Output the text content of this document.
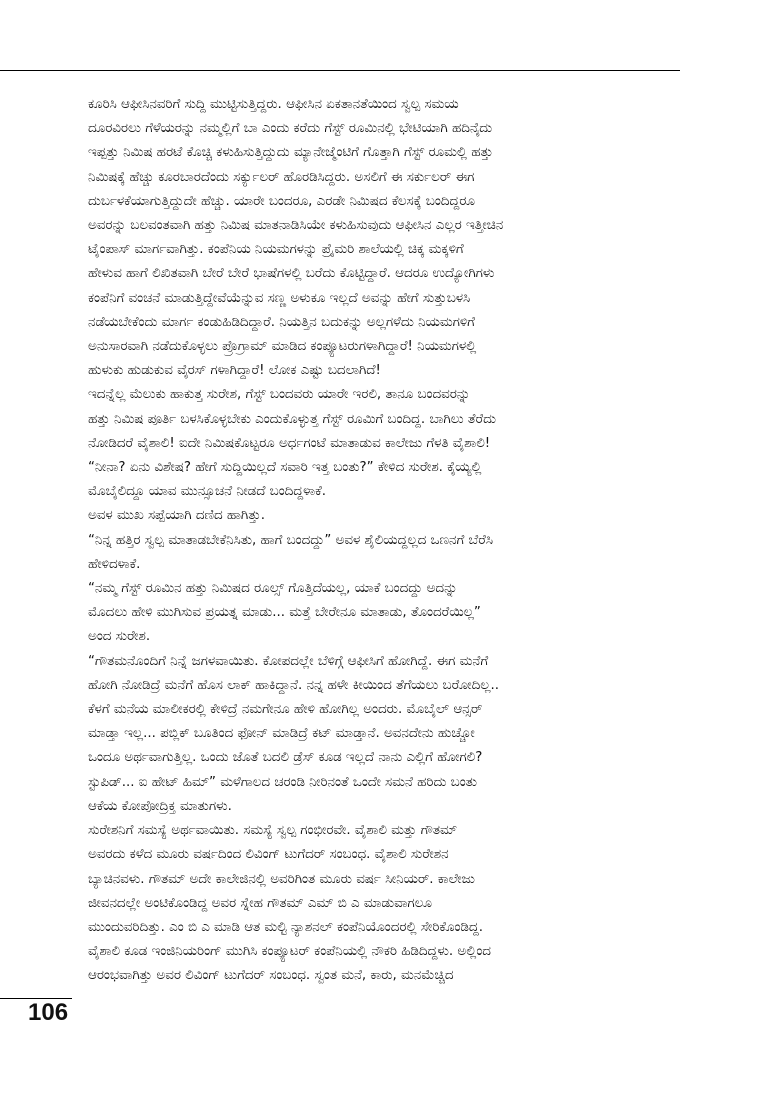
ಕೂರಿಸಿ ಆಫೀಸಿನವರಿಗೆ ಸುದ್ದಿ ಮುಟ್ಟಿಸುತ್ತಿದ್ದರು. ಆಫೀಸಿನ ಏಕತಾನತೆಯಿಂದ ಸ್ವಲ್ಪ ಸಮಯ

ದೂರವಿರಲು ಗೆಳೆಯರನ್ನು ನಮ್ಮಲ್ಲಿಗೆ ಬಾ ಎಂದು ಕರೆದು ಗೆಸ್ಟ್ ರೂಮಿನಲ್ಲಿ ಭೇಟಿಯಾಗಿ ಹದಿನೈದು

ಇಪ್ಪತ್ತು ನಿಮಿಷ ಹರಟೆ ಕೊಚ್ಚಿ ಕಳುಹಿಸುತ್ತಿದ್ದುದು ಮ್ಯಾನೇಜ್ಮೆಂಟಿಗೆ ಗೊತ್ತಾಗಿ ಗೆಸ್ಟ್ ರೂಮಲ್ಲಿ ಹತ್ತು

ನಿಮಿಷಕ್ಕೆ ಹೆಚ್ಚು ಕೂರಬಾರದೆಂದು ಸರ್ಕ್ಯುಲರ್ ಹೊರಡಿಸಿದ್ದರು. ಅಸಲಿಗೆ ಈ ಸರ್ಕುಲರ್ ಈಗ

ದುರ್ಬಳಕೆಯಾಗುತ್ತಿದ್ದುದೇ ಹೆಚ್ಚು. ಯಾರೇ ಬಂದರೂ, ಎರಡೇ ನಿಮಿಷದ ಕೆಲಸಕ್ಕೆ ಬಂದಿದ್ದರೂ

ಅವರನ್ನು ಬಲವಂತವಾಗಿ ಹತ್ತು ನಿಮಿಷ ಮಾತನಾಡಿಸಿಯೇ ಕಳುಹಿಸುವುದು ಆಫೀಸಿನ ಎಲ್ಲರ ಇತ್ತೀಚಿನ

ಟೈಂಪಾಸ್ ಮಾರ್ಗವಾಗಿತ್ತು. ಕಂಪೆನಿಯ ನಿಯಮಗಳನ್ನು ಪ್ರೈಮರಿ ಶಾಲೆಯಲ್ಲಿ ಚಿಕ್ಕ ಮಕ್ಕಳಿಗೆ

ಹೇಳುವ ಹಾಗೆ ಲಿಖಿತವಾಗಿ ಬೇರೆ ಬೇರೆ ಭಾಷೆಗಳಲ್ಲಿ ಬರೆದು ಕೊಟ್ಟಿದ್ದಾರೆ. ಆದರೂ ಉದ್ಯೋಗಿಗಳು

ಕಂಪೆನಿಗೆ ವಂಚನೆ ಮಾಡುತ್ತಿದ್ದೇವೆಯೆನ್ನುವ ಸಣ್ಣ ಅಳುಕೂ ಇಲ್ಲದೆ ಅವನ್ನು ಹೇಗೆ ಸುತ್ತುಬಳಸಿ

ನಡೆಯಬೇಕೆಂದು ಮಾರ್ಗ ಕಂಡುಹಿಡಿದಿದ್ದಾರೆ. ನಿಯತ್ತಿನ ಬದುಕನ್ನು ಅಲ್ಲಗಳೆದು ನಿಯಮಗಳಿಗೆ

ಅನುಸಾರವಾಗಿ ನಡೆದುಕೊಳ್ಳಲು ಪ್ರೊಗ್ರಾಮ್ ಮಾಡಿದ ಕಂಪ್ಯೂಟರುಗಳಾಗಿದ್ದಾರೆ! ನಿಯಮಗಳಲ್ಲಿ

ಹುಳುಕು ಹುಡುಕುವ ವೈರಸ್ ಗಳಾಗಿದ್ದಾರೆ! ಲೋಕ ಎಷ್ಟು ಬದಲಾಗಿದೆ!

ಇದನ್ನೆಲ್ಲ ಮೆಲುಕು ಹಾಕುತ್ತ ಸುರೇಶ, ಗೆಸ್ಟ್ ಬಂದವರು ಯಾರೇ ಇರಲಿ, ತಾನೂ ಬಂದವರನ್ನು

ಹತ್ತು ನಿಮಿಷ ಪೂರ್ತಿ ಬಳಸಿಕೊಳ್ಳಬೇಕು ಎಂದುಕೊಳ್ಳುತ್ತ ಗೆಸ್ಟ್ ರೂಮಿಗೆ ಬಂದಿದ್ದ. ಬಾಗಿಲು ತೆರೆದು

ನೋಡಿದರೆ ವೈಶಾಲಿ! ಐದೇ ನಿಮಿಷಕೊಟ್ಟರೂ ಅರ್ಧಗಂಟೆ ಮಾತಾಡುವ ಕಾಲೇಜು ಗೆಳತಿ ವೈಶಾಲಿ!

“ನೀನಾ? ಏನು ವಿಶೇಷ? ಹೇಗೆ ಸುದ್ದಿಯಿಲ್ಲದೆ ಸವಾರಿ ಇತ್ತ ಬಂತು?” ಕೇಳಿದ ಸುರೇಶ. ಕೈಯ್ಯಲ್ಲಿ

ಮೊಬೈಲಿದ್ದೂ ಯಾವ ಮುನ್ಸೂಚನೆ ನೀಡದೆ ಬಂದಿದ್ದಳಾಕೆ.

ಅವಳ ಮುಖ ಸಪ್ಪೆಯಾಗಿ ದಣಿದ ಹಾಗಿತ್ತು.

“ನಿನ್ನ ಹತ್ತಿರ ಸ್ವಲ್ಪ ಮಾತಾಡಬೇಕೆನಿಸಿತು, ಹಾಗೆ ಬಂದದ್ದು” ಅವಳ ಶೈಲಿಯದ್ದಲ್ಲದ ಒಣನಗೆ ಬೆರೆಸಿ

ಹೇಳಿದಳಾಕೆ.

“ನಮ್ಮ ಗೆಸ್ಟ್ ರೂಮಿನ ಹತ್ತು ನಿಮಿಷದ ರೂಲ್ಸ್ ಗೊತ್ತಿದೆಯಲ್ಲ, ಯಾಕೆ ಬಂದದ್ದು ಅದನ್ನು

ಮೊದಲು ಹೇಳಿ ಮುಗಿಸುವ ಪ್ರಯತ್ನ ಮಾಡು... ಮತ್ತೆ ಬೇರೇನೂ ಮಾತಾಡು, ತೊಂದರೆಯಿಲ್ಲ”

ಅಂದ ಸುರೇಶ.

“ಗೌತಮನೊಂದಿಗೆ ನಿನ್ನೆ ಜಗಳವಾಯಿತು. ಕೋಪದಲ್ಲೇ ಬೆಳಿಗ್ಗೆ ಆಫೀಸಿಗೆ ಹೋಗಿದ್ದೆ. ಈಗ ಮನೆಗೆ

ಹೋಗಿ ನೋಡಿದ್ರೆ ಮನೆಗೆ ಹೊಸ ಲಾಕ್ ಹಾಕಿದ್ದಾನೆ. ನನ್ನ ಹಳೇ ಕೀಯಿಂದ ತೆಗೆಯಲು ಬರೋದಿಲ್ಲ..

ಕೆಳಗೆ ಮನೆಯ ಮಾಲೀಕರಲ್ಲಿ ಕೇಳಿದ್ರೆ ನಮಗೇನೂ ಹೇಳಿ ಹೋಗಿಲ್ಲ ಅಂದರು. ಮೊಬೈಲ್ ಆನ್ಸರ್

ಮಾಡ್ತಾ ಇಲ್ಲ... ಪಬ್ಲಿಕ್ ಬೂತಿಂದ ಫೋನ್ ಮಾಡಿದ್ರೆ ಕಟ್ ಮಾಡ್ತಾನೆ. ಅವನದೇನು ಹುಚ್ಚೋ

ಒಂದೂ ಅರ್ಥವಾಗುತ್ತಿಲ್ಲ. ಒಂದು ಜೊತೆ ಬದಲಿ ಡ್ರೆಸ್ ಕೂಡ ಇಲ್ಲದೆ ನಾನು ಎಲ್ಲಿಗೆ ಹೋಗಲಿ?

ಸ್ಟುಪಿಡ್... ಐ ಹೇಟ್ ಹಿಮ್” ಮಳೆಗಾಲದ ಚರಂಡಿ ನೀರಿನಂತೆ ಒಂದೇ ಸಮನೆ ಹರಿದು ಬಂತು

ಆಕೆಯ ಕೋಪೋದ್ರಿಕ್ತ ಮಾತುಗಳು.

ಸುರೇಶನಿಗೆ ಸಮಸ್ಯೆ ಅರ್ಥವಾಯಿತು. ಸಮಸ್ಯೆ ಸ್ವಲ್ಪ ಗಂಭೀರವೇ. ವೈಶಾಲಿ ಮತ್ತು ಗೌತಮ್

ಅವರದು ಕಳೆದ ಮೂರು ವರ್ಷದಿಂದ ಲಿವಿಂಗ್ ಟುಗೆದರ್ ಸಂಬಂಧ. ವೈಶಾಲಿ ಸುರೇಶನ

ಬ್ಯಾಚಿನವಳು. ಗೌತಮ್ ಅದೇ ಕಾಲೇಜಿನಲ್ಲಿ ಅವರಿಗಿಂತ ಮೂರು ವರ್ಷ ಸೀನಿಯರ್. ಕಾಲೇಜು

ಜೀವನದಲ್ಲೇ ಅಂಟಿಕೊಂಡಿದ್ದ ಅವರ ಸ್ನೇಹ ಗೌತಮ್ ಎಮ್ ಬಿ ಎ ಮಾಡುವಾಗಲೂ

ಮುಂದುವರಿದಿತ್ತು. ಎಂ ಬಿ ಎ ಮಾಡಿ ಆತ ಮಲ್ಟಿ ನ್ಯಾಶನಲ್ ಕಂಪೆನಿಯೊಂದರಲ್ಲಿ ಸೇರಿಕೊಂಡಿದ್ದ.

ವೈಶಾಲಿ ಕೂಡ ಇಂಜಿನಿಯರಿಂಗ್ ಮುಗಿಸಿ ಕಂಪ್ಯೂಟರ್ ಕಂಪೆನಿಯಲ್ಲಿ ನೌಕರಿ ಹಿಡಿದಿದ್ದಳು. ಅಲ್ಲಿಂದ

ಆರಂಭವಾಗಿತ್ತು ಅವರ ಲಿವಿಂಗ್ ಟುಗೆದರ್ ಸಂಬಂಧ. ಸ್ವಂತ ಮನೆ, ಕಾರು, ಮನಮೆಚ್ಚಿದ

106
